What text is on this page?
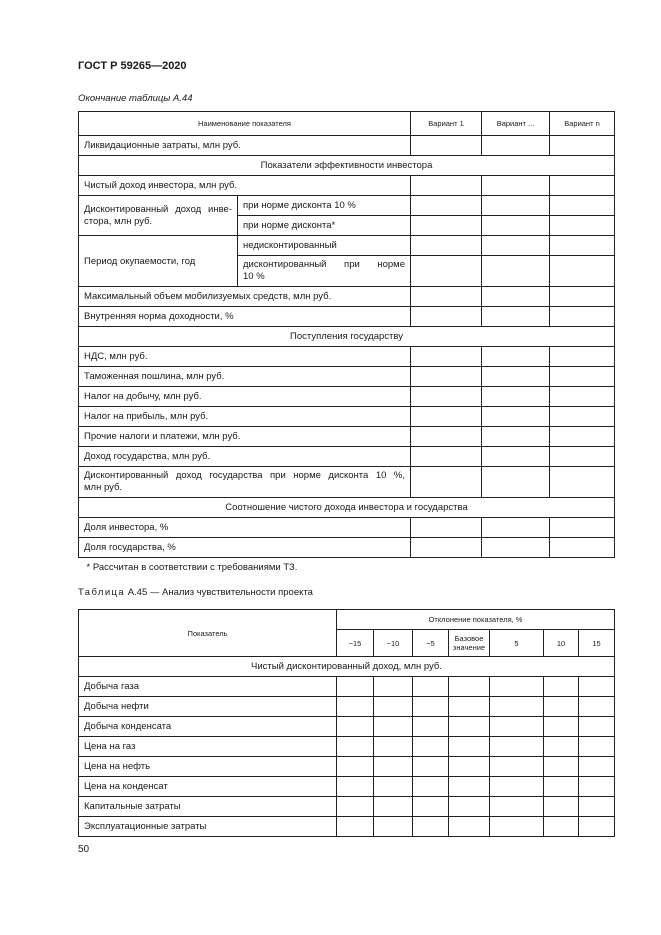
ГОСТ Р 59265—2020
Окончание таблицы А.44
Наименование показателя		Вариант 1	Вариант ...	Вариант n
Ликвидационные затраты, млн руб.				
Показатели эффективности инвестора				
Чистый доход инвестора, млн руб.				

Дисконтированный доход инве-
стора, млн руб.	при норме дисконта 10 %			
	при норме дисконта*			
Период окупаемости, год	недисконтированный			

	дисконтированный при норме
10 %			

Максимальный объем мобилизуемых средств, млн руб.				
Внутренняя норма доходности, %				
Поступления государству				
НДС, млн руб.				
Таможенная пошлина, млн руб.				
Налог на добычу, млн руб.				
Налог на прибыль, млн руб.				
Прочие налоги и платежи, млн руб.				
Доход государства, млн руб.				

Дисконтированный доход государства при норме дисконта 10 %,
млн руб.				

Соотношение чистого дохода инвестора и государства				
Доля инвестора, %				
Доля государства, %				
* Рассчитан в соответствии с требованиями ТЗ.				
Таблица А.45 — Анализ чувствительности проекта
Показатель	Отклонение показателя, %						
	−15	−10	−5	Базовое значение	5	10	15
Чистый дисконтированный доход, млн руб.							
Добыча газа							
Добыча нефти							
Добыча конденсата							
Цена на газ							
Цена на нефть							
Цена на конденсат							
Капитальные затраты							
Эксплуатационные затраты							
50
